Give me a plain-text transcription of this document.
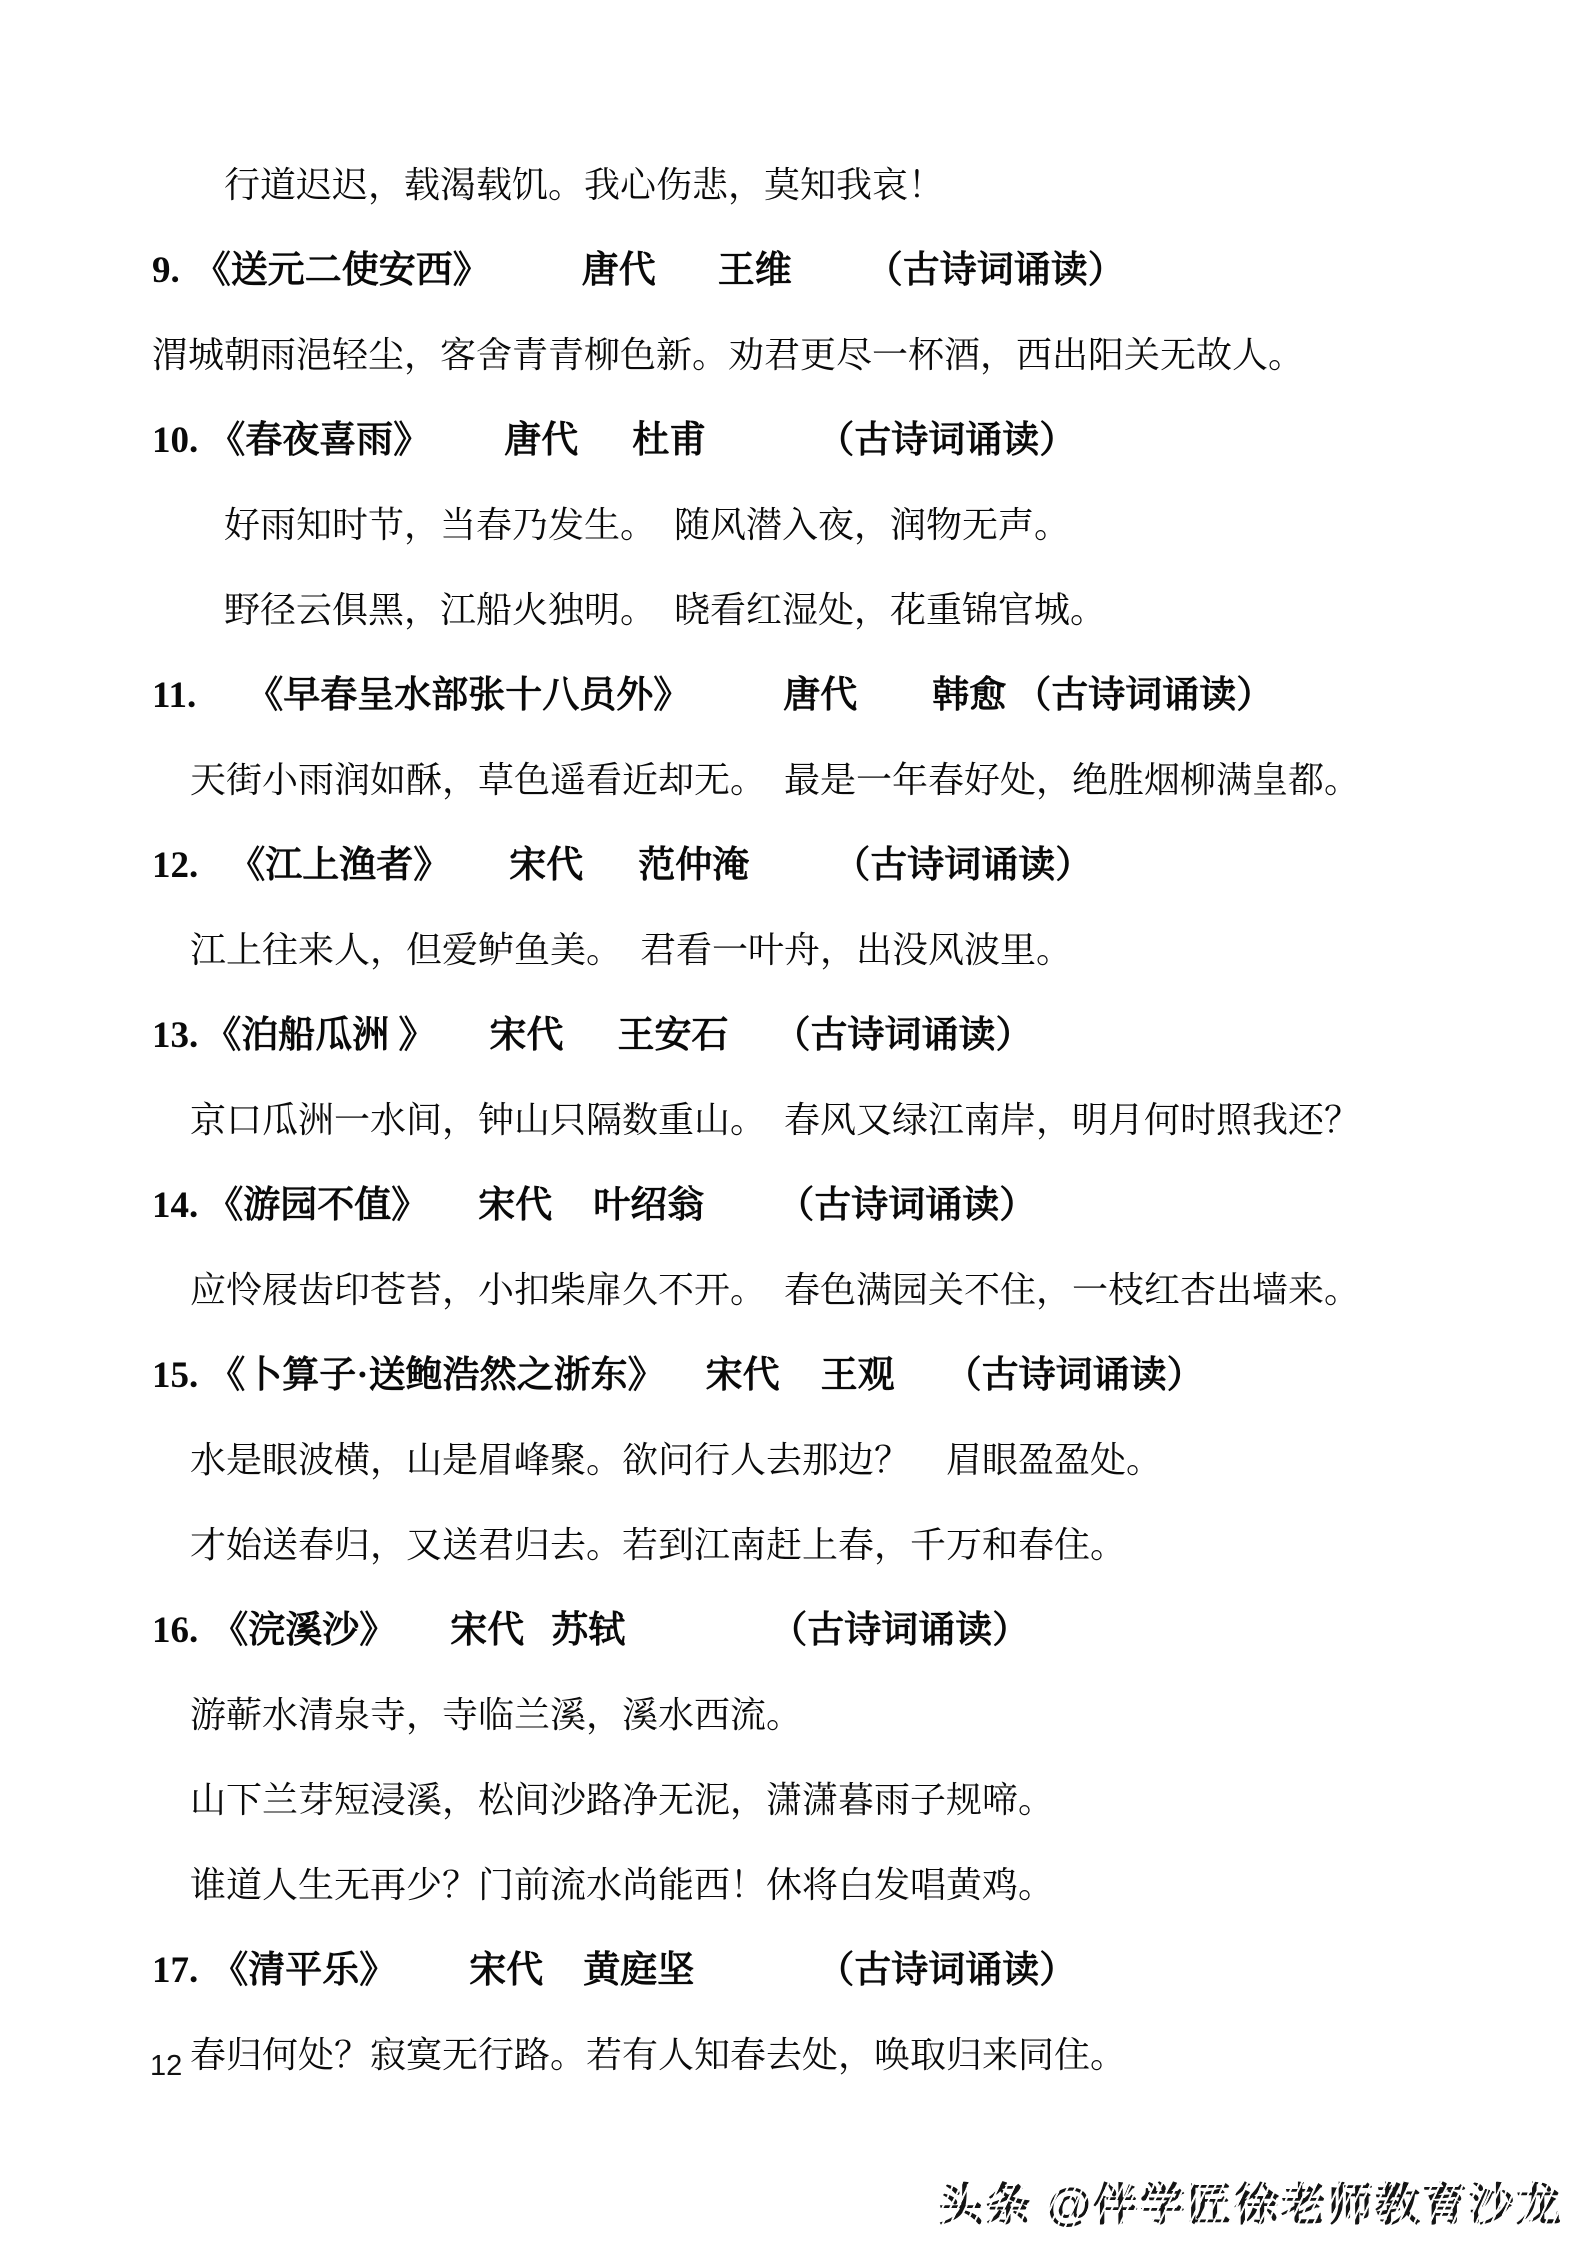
行道迟迟，载渴载饥。我心伤悲，莫知我哀！
9. 《送元二使安西》 唐代 王维 （古诗词诵读）
渭城朝雨浥轻尘，客舍青青柳色新。劝君更尽一杯酒，西出阳关无故人。
10. 《春夜喜雨》 唐代 杜甫	（古诗词诵读）
好雨知时节，当春乃发生。　随风潜入夜，润物无声。
野径云俱黑，江船火独明。　晓看红湿处，花重锦官城。
11. 《早春呈水部张十八员外》	唐代 韩愈 （古诗词诵读）
天街小雨润如酥，草色遥看近却无。　最是一年春好处，绝胜烟柳满皇都。
12. 《江上渔者》 宋代 范仲淹 （古诗词诵读）
江上往来人，但爱鲈鱼美。　君看一叶舟，出没风波里。
13. 《泊船瓜洲 》 宋代 王安石 （古诗词诵读）
京口瓜洲一水间，钟山只隔数重山。　春风又绿江南岸，明月何时照我还？
14. 《游园不值》 宋代 叶绍翁 （古诗词诵读）
应怜屐齿印苍苔，小扣柴扉久不开。　春色满园关不住，一枝红杏出墙来。
15. 《卜算子·送鲍浩然之浙东》 宋代 王观 （古诗词诵读）
水是眼波横，山是眉峰聚。欲问行人去那边？　眉眼盈盈处。
才始送春归，又送君归去。若到江南赶上春，千万和春住。
16. 《浣溪沙》 宋代 苏轼	（古诗词诵读）
游蕲水清泉寺，寺临兰溪，溪水西流。
山下兰芽短浸溪，松间沙路净无泥，潇潇暮雨子规啼。
谁道人生无再少？门前流水尚能西！休将白发唱黄鸡。
17. 《清平乐》 宋代 黄庭坚	（古诗词诵读）
春归何处？寂寞无行路。若有人知春去处，唤取归来同住。
12
头条 @伴学匠徐老师教育沙龙
